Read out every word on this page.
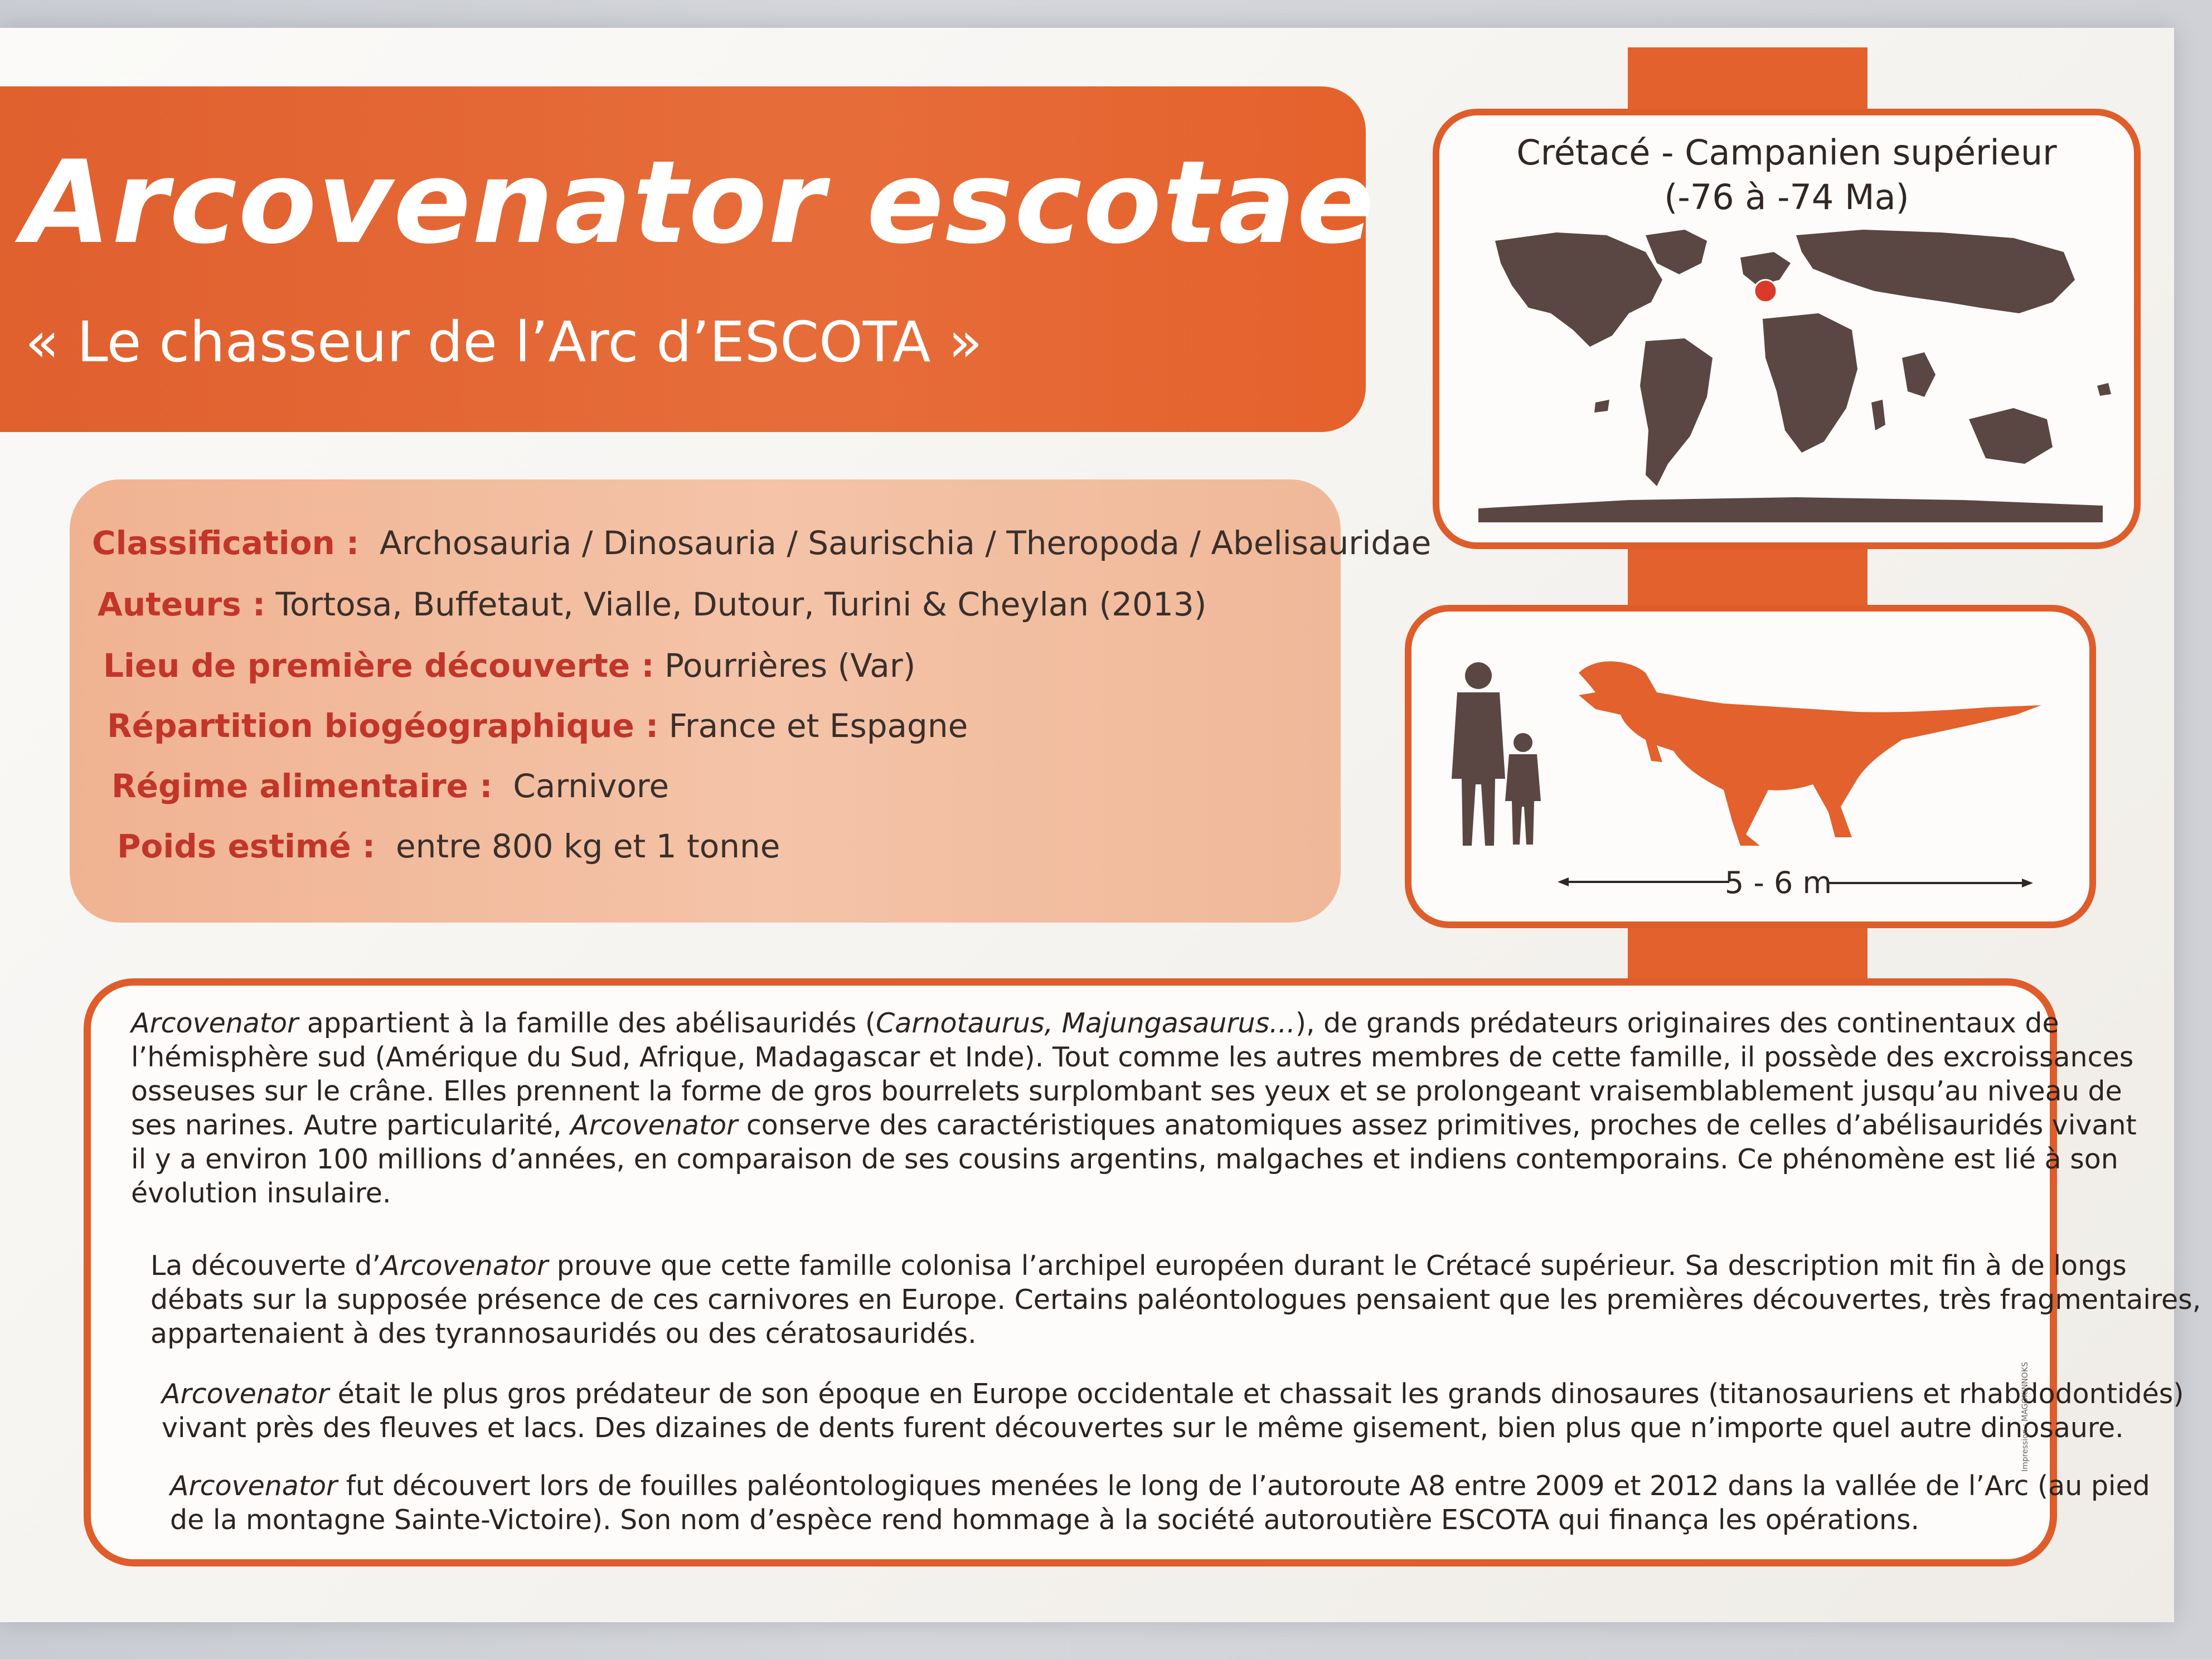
Arcovenator escotae

« Le chasseur de l’Arc d’ESCOTA »

Classification : Archosauria / Dinosauria / Saurischia / Theropoda / Abelisauridae
Auteurs : Tortosa, Buffetaut, Vialle, Dutour, Turini & Cheylan (2013)
Lieu de première découverte : Pourrières (Var)
Répartition biogéographique : France et Espagne
Régime alimentaire : Carnivore
Poids estimé : entre 800 kg et 1 tonne

Crétacé - Campanien supérieur

(-76 à -74 Ma)

5 - 6 m
Arcovenator appartient à la famille des abélisauridés (Carnotaurus, Majungasaurus...), de grands prédateurs originaires des continentaux de
l’hémisphère sud (Amérique du Sud, Afrique, Madagascar et Inde). Tout comme les autres membres de cette famille, il possède des excroissances
osseuses sur le crâne. Elles prennent la forme de gros bourrelets surplombant ses yeux et se prolongeant vraisemblablement jusqu’au niveau de
ses narines. Autre particularité, Arcovenator conserve des caractéristiques anatomiques assez primitives, proches de celles d’abélisauridés vivant
il y a environ 100 millions d’années, en comparaison de ses cousins argentins, malgaches et indiens contemporains. Ce phénomène est lié à son
évolution insulaire.
La découverte d’Arcovenator prouve que cette famille colonisa l’archipel européen durant le Crétacé supérieur. Sa description mit fin à de longs
débats sur la supposée présence de ces carnivores en Europe. Certains paléontologues pensaient que les premières découvertes, très fragmentaires,
appartenaient à des tyrannosauridés ou des cératosauridés.
Arcovenator était le plus gros prédateur de son époque en Europe occidentale et chassait les grands dinosaures (titanosauriens et rhabdodontidés)
vivant près des fleuves et lacs. Des dizaines de dents furent découvertes sur le même gisement, bien plus que n’importe quel autre dinosaure.
Arcovenator fut découvert lors de fouilles paléontologiques menées le long de l’autoroute A8 entre 2009 et 2012 dans la vallée de l’Arc (au pied
de la montagne Sainte-Victoire). Son nom d’espèce rend hommage à la société autoroutière ESCOTA qui finança les opérations.
Impression : MAGOKINNOKS
